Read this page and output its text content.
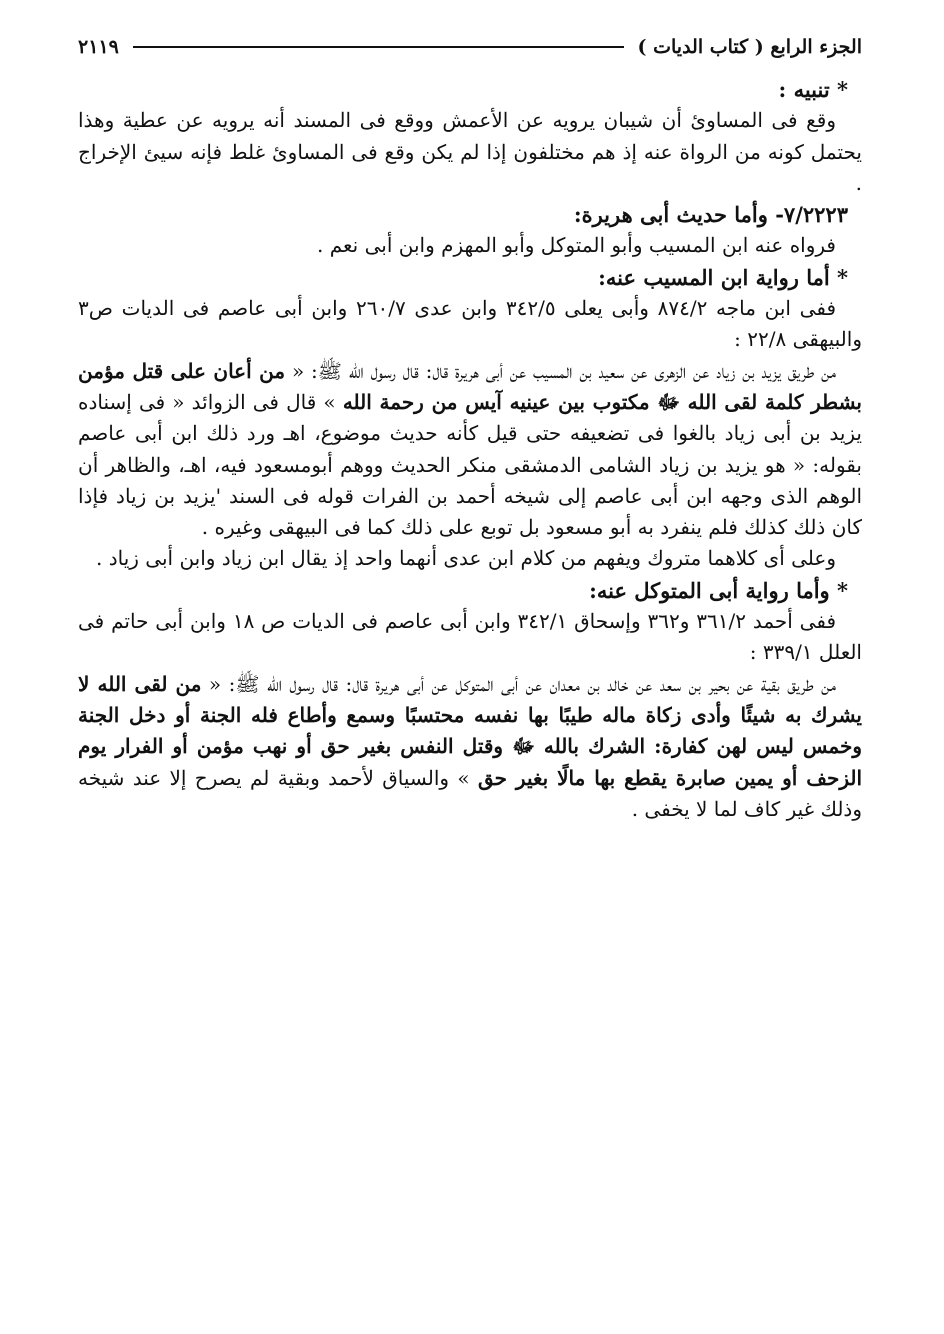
الجزء الرابع ( كتاب الديات )
٢١١٩

* تنبيه :

وقع فى المساوئ أن شيبان يرويه عن الأعمش ووقع فى المسند أنه يرويه عن عطية وهذا يحتمل كونه من الرواة عنه إذ هم مختلفون إذا لم يكن وقع فى المساوئ غلط فإنه سيئ الإخراج .

٧/٢٢٢٣- وأما حديث أبى هريرة:

فرواه عنه ابن المسيب وأبو المتوكل وأبو المهزم وابن أبى نعم .

* أما رواية ابن المسيب عنه:

ففى ابن ماجه ٨٧٤/٢ وأبى يعلى ٣٤٢/٥ وابن عدى ٢٦٠/٧ وابن أبى عاصم فى الديات ص٣ والبيهقى ٢٢/٨ :

من طريق يزيد بن زياد عن الزهرى عن سعيد بن المسيب عن أبى هريرة قال: قال رسول الله ﷺ: « من أعان على قتل مؤمن بشطر كلمة لقى الله ﷻ مكتوب بين عينيه آيس من رحمة الله » قال فى الزوائد « فى إسناده يزيد بن أبى زياد بالغوا فى تضعيفه حتى قيل كأنه حديث موضوع، اهـ ورد ذلك ابن أبى عاصم بقوله: « هو يزيد بن زياد الشامى الدمشقى منكر الحديث ووهم أبومسعود فيه، اهـ، والظاهر أن الوهم الذى وجهه ابن أبى عاصم إلى شيخه أحمد بن الفرات قوله فى السند 'يزيد بن زياد فإذا كان ذلك كذلك فلم ينفرد به أبو مسعود بل توبع على ذلك كما فى البيهقى وغيره .

وعلى أى كلاهما متروك ويفهم من كلام ابن عدى أنهما واحد إذ يقال ابن زياد وابن أبى زياد .

* وأما رواية أبى المتوكل عنه:

ففى أحمد ٣٦١/٢ و٣٦٢ وإسحاق ٣٤٢/١ وابن أبى عاصم فى الديات ص ١٨ وابن أبى حاتم فى العلل ٣٣٩/١ :

من طريق بقية عن بحير بن سعد عن خالد بن معدان عن أبى المتوكل عن أبى هريرة قال: قال رسول الله ﷺ: « من لقى الله لا يشرك به شيئًا وأدى زكاة ماله طيبًا بها نفسه محتسبًا وسمع وأطاع فله الجنة أو دخل الجنة وخمس ليس لهن كفارة: الشرك بالله ﷻ وقتل النفس بغير حق أو نهب مؤمن أو الفرار يوم الزحف أو يمين صابرة يقطع بها مالًا بغير حق » والسياق لأحمد وبقية لم يصرح إلا عند شيخه وذلك غير كاف لما لا يخفى .
